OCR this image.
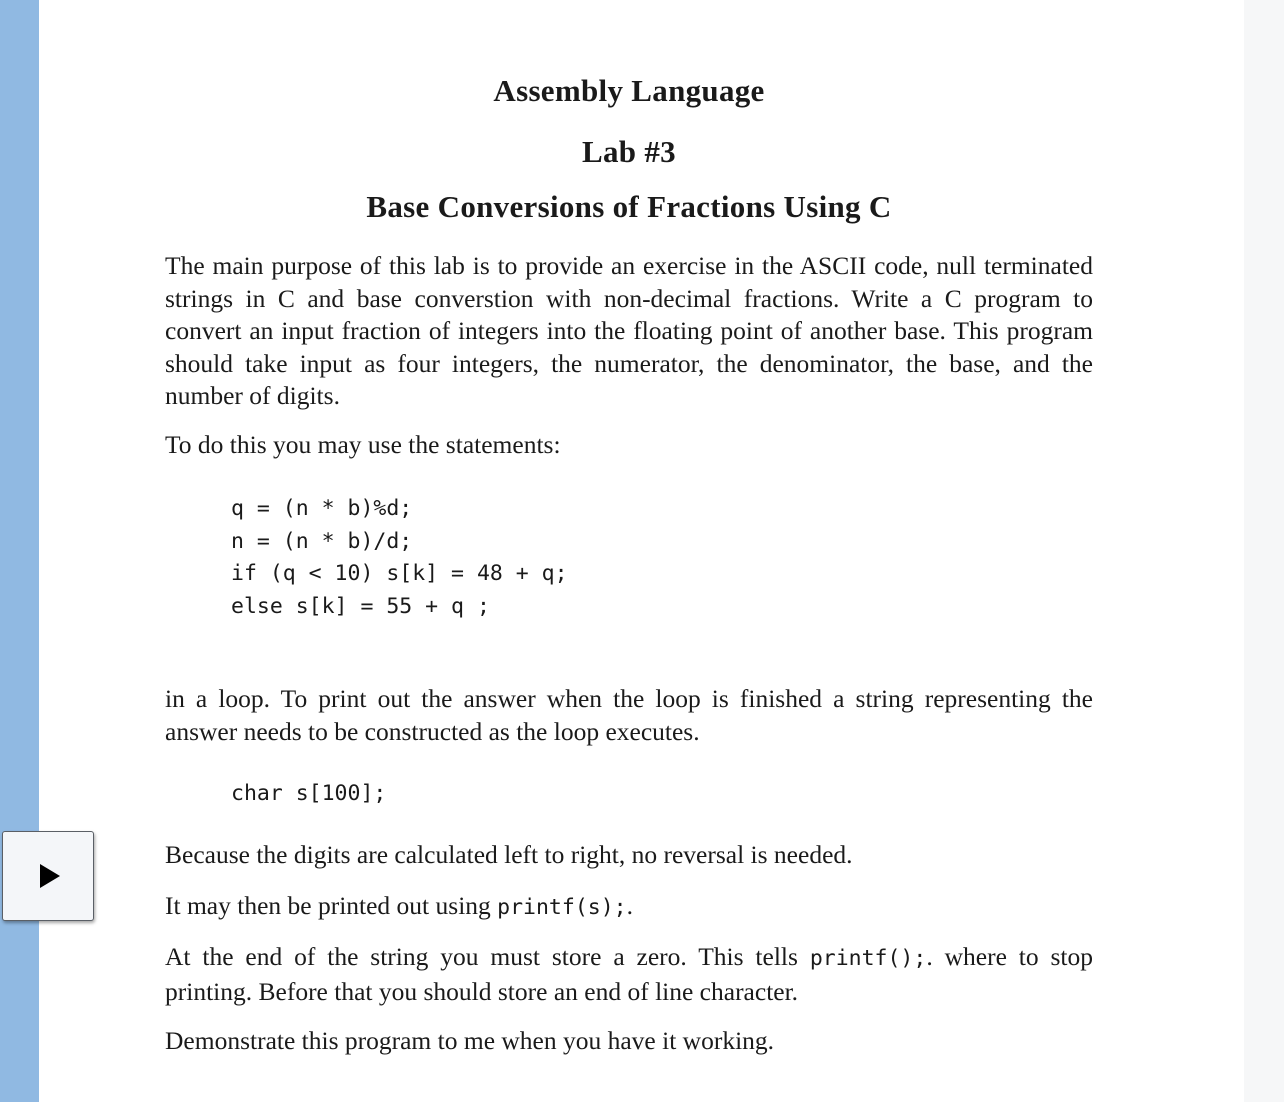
Assembly Language
Lab #3
Base Conversions of Fractions Using C

The main purpose of this lab is to provide an exercise in the ASCII code, null terminated strings in C and base converstion with non-decimal fractions. Write a C program to convert an input fraction of integers into the floating point of another base. This program should take input as four integers, the numerator, the denominator, the base, and the number of digits.

To do this you may use the statements:

q = (n * b)%d;
n = (n * b)/d;
if (q < 10) s[k] = 48 + q;
else s[k] = 55 + q ;

in a loop. To print out the answer when the loop is finished a string representing the answer needs to be constructed as the loop executes.

char s[100];

Because the digits are calculated left to right, no reversal is needed.

It may then be printed out using printf(s);.

At the end of the string you must store a zero. This tells printf();. where to stop printing. Before that you should store an end of line character.

Demonstrate this program to me when you have it working.
